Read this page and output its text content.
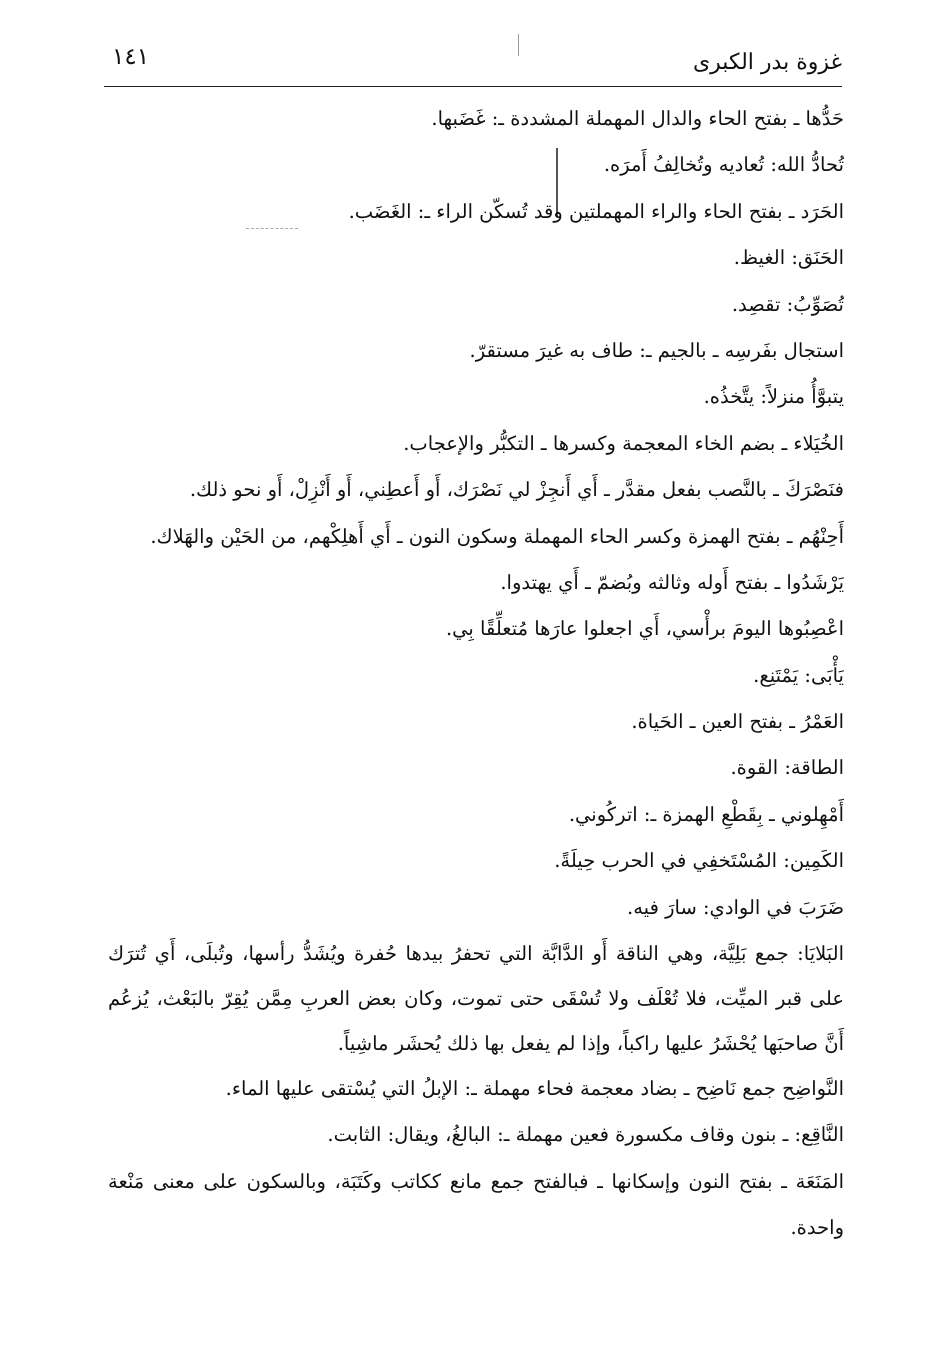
غزوة بدر الكبرى
١٤١
حَدُّها ـ بفتح الحاء والدال المهملة المشددة ـ: غَضَبها.
تُحادُّ الله: تُعاديه وتُخالِفُ أَمرَه.
الحَرَد ـ بفتح الحاء والراء المهملتين وقد تُسكّن الراء ـ: الغَضَب.
الحَنَق: الغيظ.
تُصَوِّبُ: تقصِد.
استجال بفَرسِه ـ بالجيم ـ: طاف به غيرَ مستقرّ.
يتبوَّأُ منزلاً: يتَّخذُه.
الخُيَلاء ـ بضم الخاء المعجمة وكسرها ـ التكبُّر والإعجاب.
فنَصْرَكَ ـ بالنَّصب بفعل مقدَّر ـ أَي أَنجِزْ لي نَصْرَك، أَو أَعطِني، أَو أَنْزِلْ، أَو نحو ذلك.
أَحِنْهُم ـ بفتح الهمزة وكسر الحاء المهملة وسكون النون ـ أَي أَهلِكْهم، من الحَيْن والهَلاك.
يَرْشَدُوا ـ بفتح أَوله وثالثه وبُضمّ ـ أَي يهتدوا.
اعْصِبُوها اليومَ برأْسي، أَي اجعلوا عارَها مُتعلِّقًا بِي.
يَأْبَى: يَمْتَنِع.
العَمْرُ ـ بفتح العين ـ الحَياة.
الطاقة: القوة.
أَمْهِلوني ـ بِقَطْعِ الهمزة ـ: اتركُوني.
الكَمِين: المُسْتَخفِي في الحرب حِيلَةً.
ضَرَبَ في الوادي: سارَ فيه.
البَلايَا: جمع بَلِيَّة، وهي الناقة أَو الدَّابَّة التي تحفرُ بيدها حُفرة ويُشَدُّ رأسها، وتُبلَى، أَي تُترَك على قبر الميِّت، فلا تُعْلَف ولا تُسْقَى حتى تموت، وكان بعض العربِ مِمَّن يُقِرّ بالبَعْث، يُزعُم أَنَّ صاحبَها يُحْشَرُ عليها راكباً، وإذا لم يفعل بها ذلك يُحشَر ماشِياً.
النَّواضِح جمع نَاضِح ـ بضاد معجمة فحاء مهملة ـ: الإبلُ التي يُسْتقى عليها الماء.
النَّاقِع: ـ بنون وقاف مكسورة فعين مهملة ـ: البالغُ، ويقال: الثابت.
المَنَعَة ـ بفتح النون وإسكانها ـ فبالفتح جمع مانع ككاتب وكَتَبَة، وبالسكون على معنى مَنْعة واحدة.
